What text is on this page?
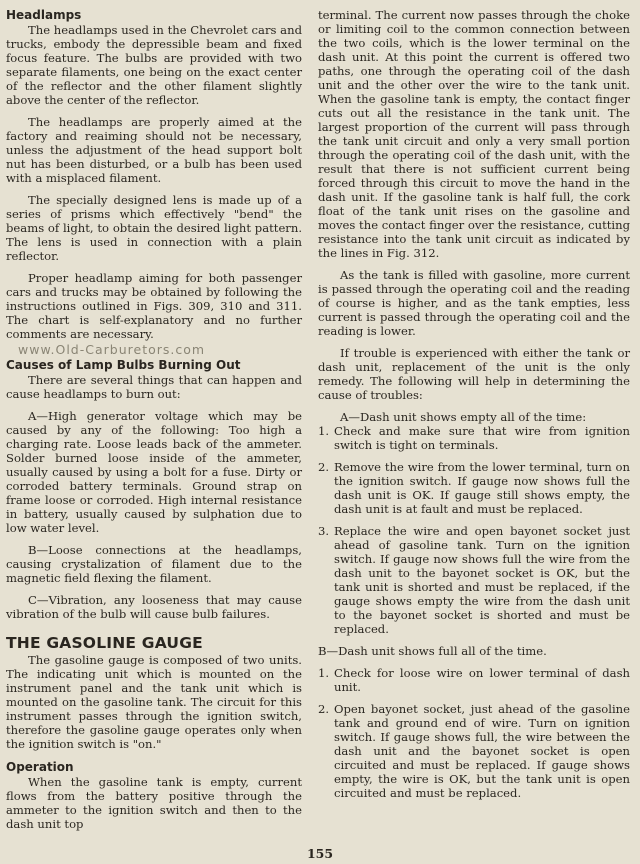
Headlamps

The headlamps used in the Chevrolet cars and trucks, embody the depressible beam and fixed focus feature. The bulbs are provided with two separate filaments, one being on the exact center of the reflector and the other filament slightly above the center of the reflector.

The headlamps are properly aimed at the factory and reaiming should not be necessary, unless the adjustment of the head support bolt nut has been disturbed, or a bulb has been used with a misplaced filament.

The specially designed lens is made up of a series of prisms which effectively "bend" the beams of light, to obtain the desired light pattern. The lens is used in connection with a plain reflector.

Proper headlamp aiming for both passenger cars and trucks may be obtained by following the instructions outlined in Figs. 309, 310 and 311. The chart is self-explanatory and no further comments are necessary.

www.Old-Carburetors.com
Causes of Lamp Bulbs Burning Out

There are several things that can happen and cause headlamps to burn out:

A—High generator voltage which may be caused by any of the following: Too high a charging rate. Loose leads back of the ammeter. Solder burned loose inside of the ammeter, usually caused by using a bolt for a fuse. Dirty or corroded battery terminals. Ground strap on frame loose or corroded. High internal resistance in battery, usually caused by sulphation due to low water level.

B—Loose connections at the headlamps, causing crystalization of filament due to the magnetic field flexing the filament.

C—Vibration, any looseness that may cause vibration of the bulb will cause bulb failures.

THE GASOLINE GAUGE

The gasoline gauge is composed of two units. The indicating unit which is mounted on the instrument panel and the tank unit which is mounted on the gasoline tank. The circuit for this instrument passes through the ignition switch, therefore the gasoline gauge operates only when the ignition switch is "on."

Operation

When the gasoline tank is empty, current flows from the battery positive through the ammeter to the ignition switch and then to the dash unit top

terminal. The current now passes through the choke or limiting coil to the common connection between the two coils, which is the lower terminal on the dash unit. At this point the current is offered two paths, one through the operating coil of the dash unit and the other over the wire to the tank unit. When the gasoline tank is empty, the contact finger cuts out all the resistance in the tank unit. The largest proportion of the current will pass through the tank unit circuit and only a very small portion through the operating coil of the dash unit, with the result that there is not sufficient current being forced through this circuit to move the hand in the dash unit. If the gasoline tank is half full, the cork float of the tank unit rises on the gasoline and moves the contact finger over the resistance, cutting resistance into the tank unit circuit as indicated by the lines in Fig. 312.

As the tank is filled with gasoline, more current is passed through the operating coil and the reading of course is higher, and as the tank empties, less current is passed through the operating coil and the reading is lower.

If trouble is experienced with either the tank or dash unit, replacement of the unit is the only remedy. The following will help in determining the cause of troubles:

A—Dash unit shows empty all of the time:

1. Check and make sure that wire from ignition switch is tight on terminals.
2. Remove the wire from the lower terminal, turn on the ignition switch. If gauge now shows full the dash unit is OK. If gauge still shows empty, the dash unit is at fault and must be replaced.
3. Replace the wire and open bayonet socket just ahead of gasoline tank. Turn on the ignition switch. If gauge now shows full the wire from the dash unit to the bayonet socket is OK, but the tank unit is shorted and must be replaced, if the gauge shows empty the wire from the dash unit to the bayonet socket is shorted and must be replaced.

B—Dash unit shows full all of the time.

1. Check for loose wire on lower terminal of dash unit.
2. Open bayonet socket, just ahead of the gasoline tank and ground end of wire. Turn on ignition switch. If gauge shows full, the wire between the dash unit and the bayonet socket is open circuited and must be replaced. If gauge shows empty, the wire is OK, but the tank unit is open circuited and must be replaced.
155
